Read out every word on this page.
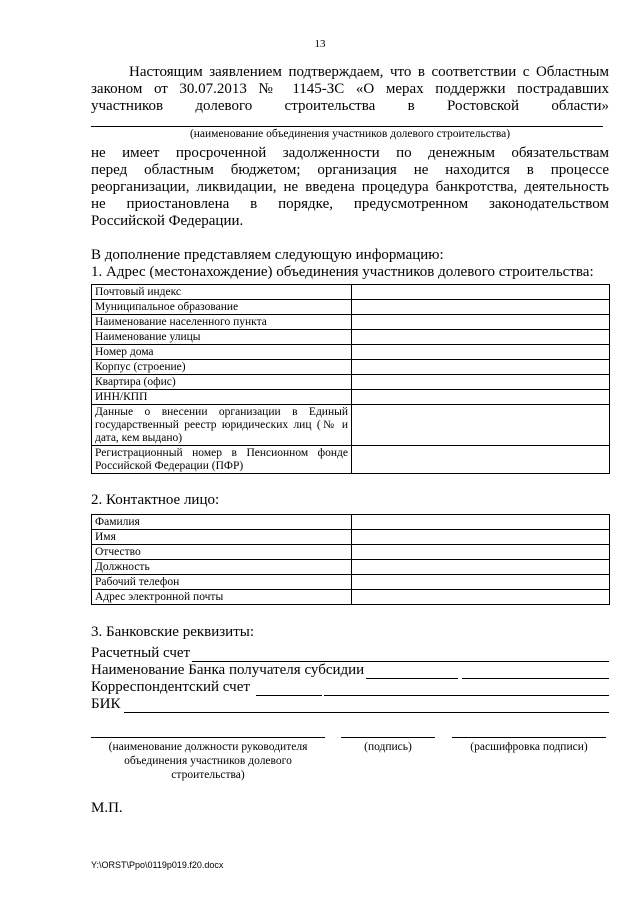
13
Настоящим заявлением подтверждаем, что в соответствии с Областным
законом от 30.07.2013 № 1145-ЗС «О мерах поддержки пострадавших
участников долевого строительства в Ростовской области»
(наименование объединения участников долевого строительства)
не имеет просроченной задолженности по денежным обязательствам
перед областным бюджетом; организация не находится в процессе
реорганизации, ликвидации, не введена процедура банкротства, деятельность
не приостановлена в порядке, предусмотренном законодательством
Российской Федерации.
В дополнение представляем следующую информацию:
1. Адрес (местонахождение) объединения участников долевого строительства:
Почтовый индекс	
Муниципальное образование	
Наименование населенного пункта	
Наименование улицы	
Номер дома	
Корпус (строение)	
Квартира (офис)	
ИНН/КПП	
Данные о внесении организации в Единый государственный реестр юридических лиц (№ и дата, кем выдано)	
Регистрационный номер в Пенсионном фонде Российской Федерации (ПФР)	
2. Контактное лицо:
Фамилия	
Имя	
Отчество	
Должность	
Рабочий телефон	
Адрес электронной почты	
3. Банковские реквизиты:
Расчетный счет
Наименование Банка получателя субсидии
Корреспондентский счет
БИК
(наименование должности руководителя объединения участников долевого строительства)
(подпись)	(расшифровка подписи)
М.П.
Y:\ORST\Ppo\0119p019.f20.docx
